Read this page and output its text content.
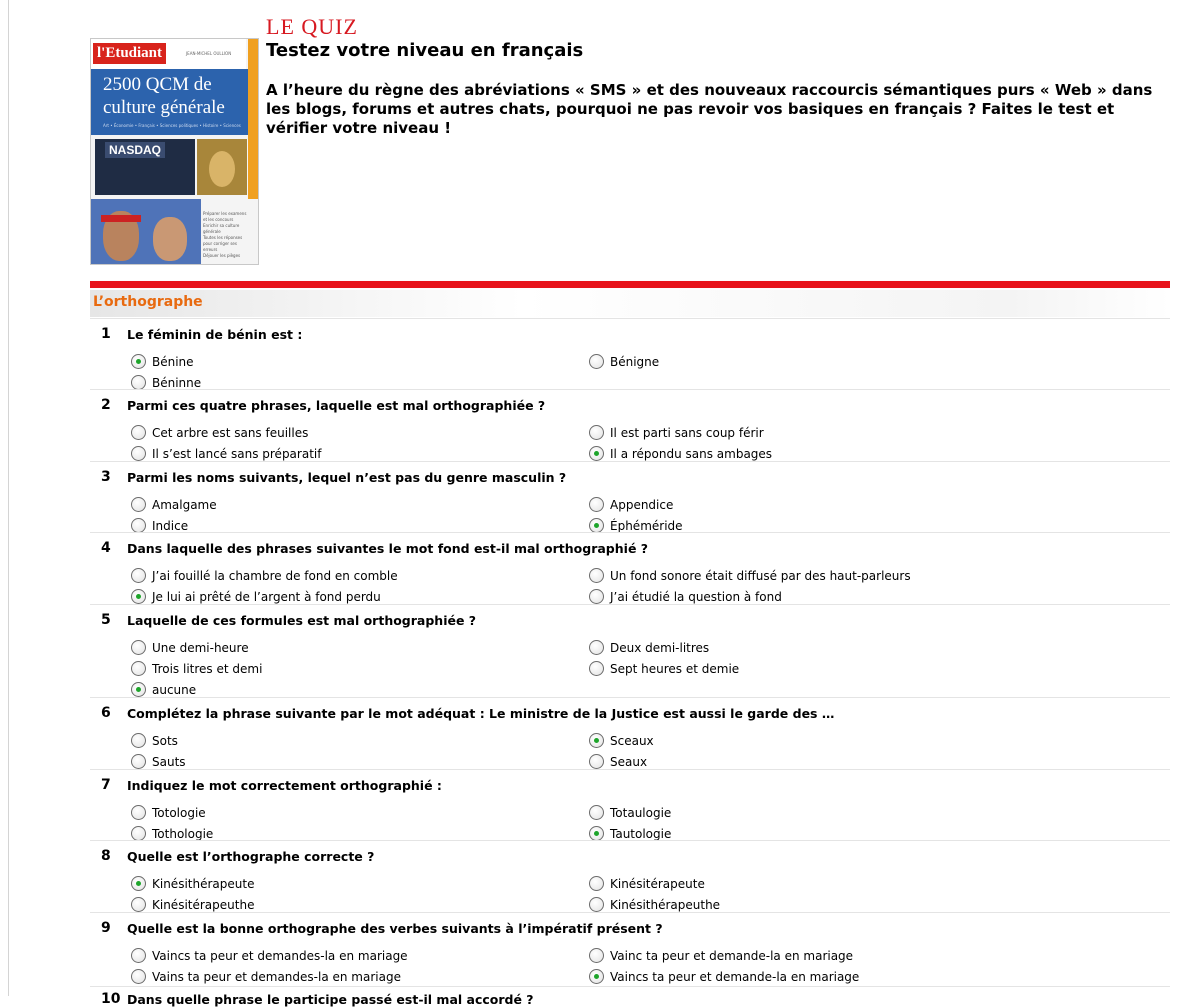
l'Etudiant	JEAN-MICHEL OULLION
2500 QCM de
culture générale
Art • Économie • Français • Sciences politiques • Histoire • Sciences
NASDAQ
Préparer les examens
et les concours
Enrichir sa culture
générale
Toutes les réponses
pour corriger ses
erreurs
Déjouer les pièges
LE QUIZ
Testez votre niveau en français
A l’heure du règne des abréviations « SMS » et des nouveaux raccourcis sémantiques purs « Web » dans les blogs, forums et autres chats, pourquoi ne pas revoir vos basiques en français ? Faites le test et vérifier votre niveau !
L’orthographe
1 Le féminin de bénin est :
Bénine	Bénigne
Béninne
2 Parmi ces quatre phrases, laquelle est mal orthographiée ?
Cet arbre est sans feuilles	Il est parti sans coup férir
Il s’est lancé sans préparatif	Il a répondu sans ambages
3 Parmi les noms suivants, lequel n’est pas du genre masculin ?
Amalgame	Appendice
Indice	Éphéméride
4 Dans laquelle des phrases suivantes le mot fond est-il mal orthographié ?
J’ai fouillé la chambre de fond en comble	Un fond sonore était diffusé par des haut-parleurs
Je lui ai prêté de l’argent à fond perdu	J’ai étudié la question à fond
5 Laquelle de ces formules est mal orthographiée ?
Une demi-heure	Deux demi-litres
Trois litres et demi	Sept heures et demie
aucune
6 Complétez la phrase suivante par le mot adéquat : Le ministre de la Justice est aussi le garde des …
Sots	Sceaux
Sauts	Seaux
7 Indiquez le mot correctement orthographié :
Totologie	Totaulogie
Tothologie	Tautologie
8 Quelle est l’orthographe correcte ?
Kinésithérapeute	Kinésitérapeute
Kinésitérapeuthe	Kinésithérapeuthe
9 Quelle est la bonne orthographe des verbes suivants à l’impératif présent ?
Vaincs ta peur et demandes-la en mariage	Vainc ta peur et demande-la en mariage
Vains ta peur et demandes-la en mariage	Vaincs ta peur et demande-la en mariage
10 Dans quelle phrase le participe passé est-il mal accordé ?
